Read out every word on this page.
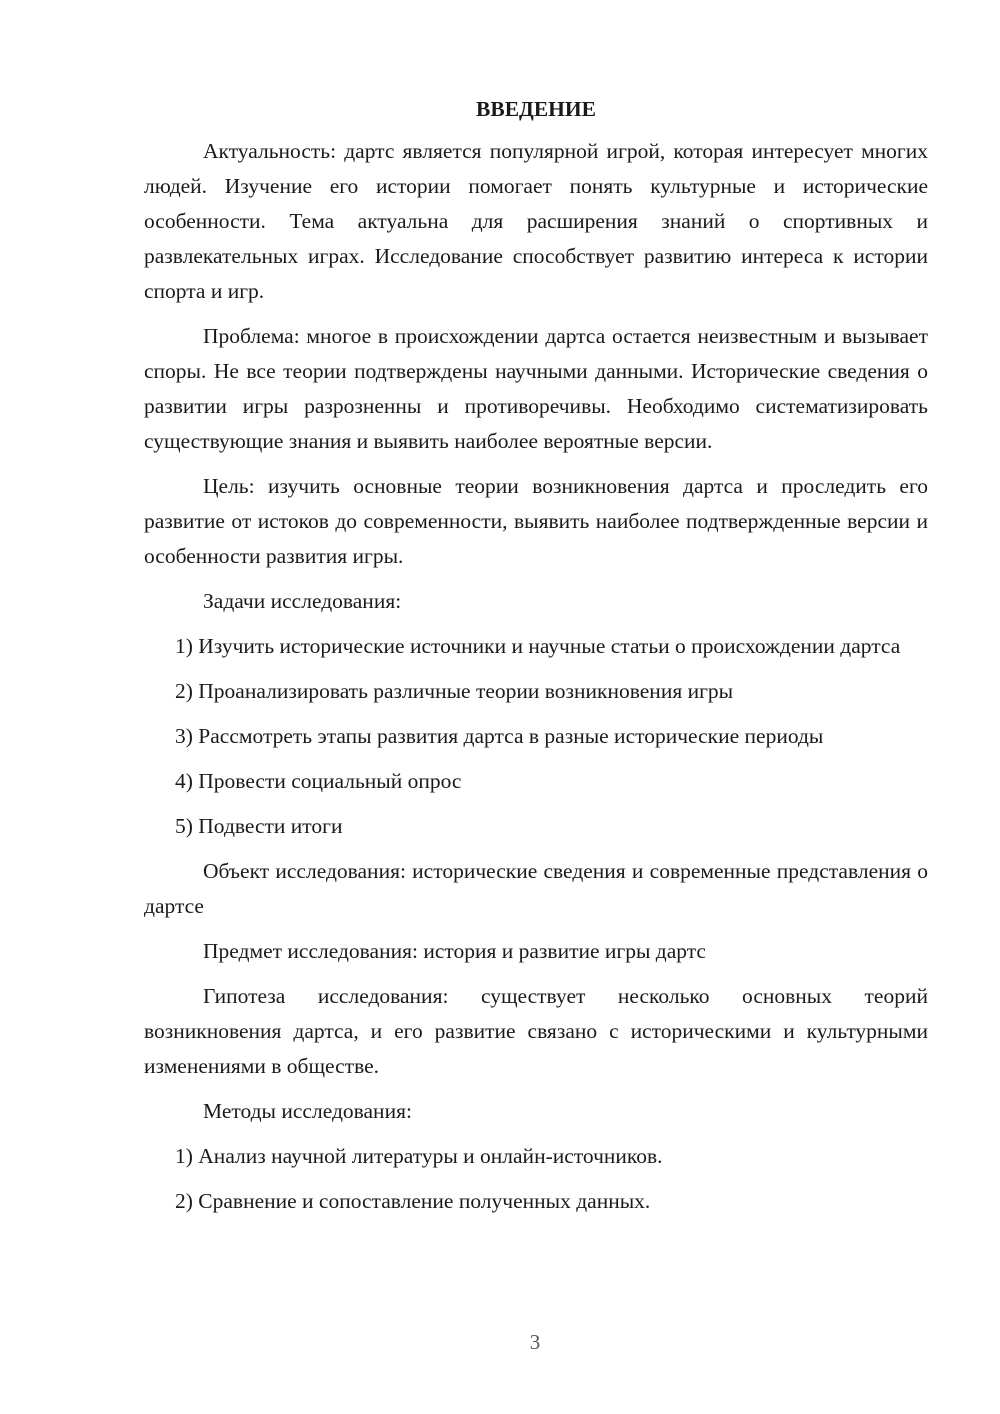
ВВЕДЕНИЕ

Актуальность: дартс является популярной игрой, которая интересует многих людей. Изучение его истории помогает понять культурные и исторические особенности. Тема актуальна для расширения знаний о спортивных и развлекательных играх. Исследование способствует развитию интереса к истории спорта и игр.

Проблема: многое в происхождении дартса остается неизвестным и вызывает споры. Не все теории подтверждены научными данными. Исторические сведения о развитии игры разрозненны и противоречивы. Необходимо систематизировать существующие знания и выявить наиболее вероятные версии.

Цель: изучить основные теории возникновения дартса и проследить его развитие от истоков до современности, выявить наиболее подтвержденные версии и особенности развития игры.

Задачи исследования:

1) Изучить исторические источники и научные статьи о происхождении дартса

2) Проанализировать различные теории возникновения игры

3) Рассмотреть этапы развития дартса в разные исторические периоды

4) Провести социальный опрос

5) Подвести итоги

Объект исследования: исторические сведения и современные представления о дартсе

Предмет исследования: история и развитие игры дартс

Гипотеза исследования: существует несколько основных теорий возникновения дартса, и его развитие связано с историческими и культурными изменениями в обществе.

Методы исследования:

1) Анализ научной литературы и онлайн-источников.

2) Сравнение и сопоставление полученных данных.

3
